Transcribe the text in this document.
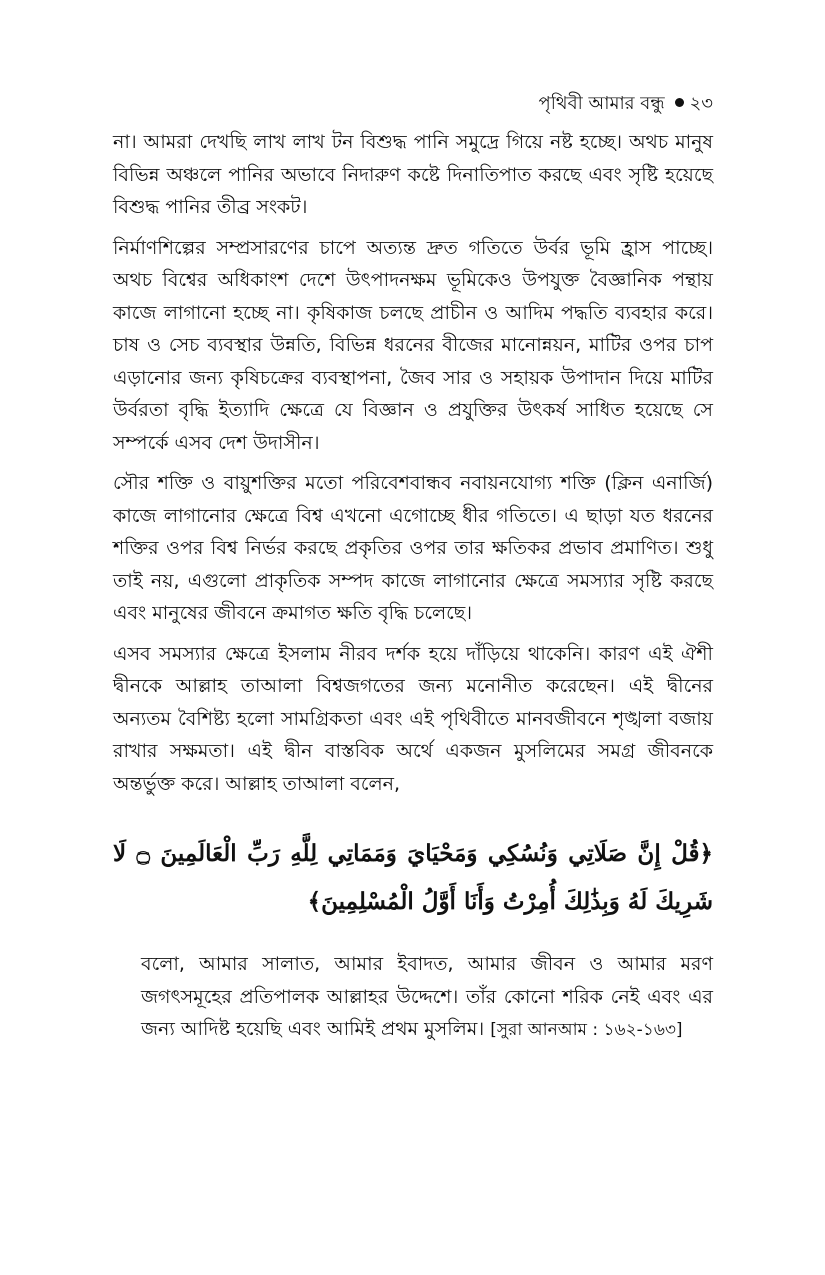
পৃথিবী আমার বন্ধু ২৩

না। আমরা দেখছি লাখ লাখ টন বিশুদ্ধ পানি সমুদ্রে গিয়ে নষ্ট হচ্ছে। অথচ মানুষ বিভিন্ন অঞ্চলে পানির অভাবে নিদারুণ কষ্টে দিনাতিপাত করছে এবং সৃষ্টি হয়েছে বিশুদ্ধ পানির তীব্র সংকট।

নির্মাণশিল্পের সম্প্রসারণের চাপে অত্যন্ত দ্রুত গতিতে উর্বর ভূমি হ্রাস পাচ্ছে। অথচ বিশ্বের অধিকাংশ দেশে উৎপাদনক্ষম ভূমিকেও উপযুক্ত বৈজ্ঞানিক পন্থায় কাজে লাগানো হচ্ছে না। কৃষিকাজ চলছে প্রাচীন ও আদিম পদ্ধতি ব্যবহার করে। চাষ ও সেচ ব্যবস্থার উন্নতি, বিভিন্ন ধরনের বীজের মানোন্নয়ন, মাটির ওপর চাপ এড়ানোর জন্য কৃষিচক্রের ব্যবস্থাপনা, জৈব সার ও সহায়ক উপাদান দিয়ে মাটির উর্বরতা বৃদ্ধি ইত্যাদি ক্ষেত্রে যে বিজ্ঞান ও প্রযুক্তির উৎকর্ষ সাধিত হয়েছে সে সম্পর্কে এসব দেশ উদাসীন।

সৌর শক্তি ও বায়ুশক্তির মতো পরিবেশবান্ধব নবায়নযোগ্য শক্তি (ক্লিন এনার্জি) কাজে লাগানোর ক্ষেত্রে বিশ্ব এখনো এগোচ্ছে ধীর গতিতে। এ ছাড়া যত ধরনের শক্তির ওপর বিশ্ব নির্ভর করছে প্রকৃতির ওপর তার ক্ষতিকর প্রভাব প্রমাণিত। শুধু তাই নয়, এগুলো প্রাকৃতিক সম্পদ কাজে লাগানোর ক্ষেত্রে সমস্যার সৃষ্টি করছে এবং মানুষের জীবনে ক্রমাগত ক্ষতি বৃদ্ধি চলেছে।

এসব সমস্যার ক্ষেত্রে ইসলাম নীরব দর্শক হয়ে দাঁড়িয়ে থাকেনি। কারণ এই ঐশী দ্বীনকে আল্লাহ তাআলা বিশ্বজগতের জন্য মনোনীত করেছেন। এই দ্বীনের অন্যতম বৈশিষ্ট্য হলো সামগ্রিকতা এবং এই পৃথিবীতে মানবজীবনে শৃঙ্খলা বজায় রাখার সক্ষমতা। এই দ্বীন বাস্তবিক অর্থে একজন মুসলিমের সমগ্র জীবনকে অন্তর্ভুক্ত করে। আল্লাহ তাআলা বলেন,

﴿قُلْ إِنَّ صَلَاتِي وَنُسُكِي وَمَحْيَايَ وَمَمَاتِي لِلَّهِ رَبِّ الْعَالَمِينَ ۝ لَا شَرِيكَ لَهُ وَبِذَٰلِكَ أُمِرْتُ وَأَنَا أَوَّلُ الْمُسْلِمِينَ﴾

বলো, আমার সালাত, আমার ইবাদত, আমার জীবন ও আমার মরণ জগৎসমূহের প্রতিপালক আল্লাহর উদ্দেশে। তাঁর কোনো শরিক নেই এবং এর জন্য আদিষ্ট হয়েছি এবং আমিই প্রথম মুসলিম। [সুরা আনআম : ১৬২-১৬৩]
